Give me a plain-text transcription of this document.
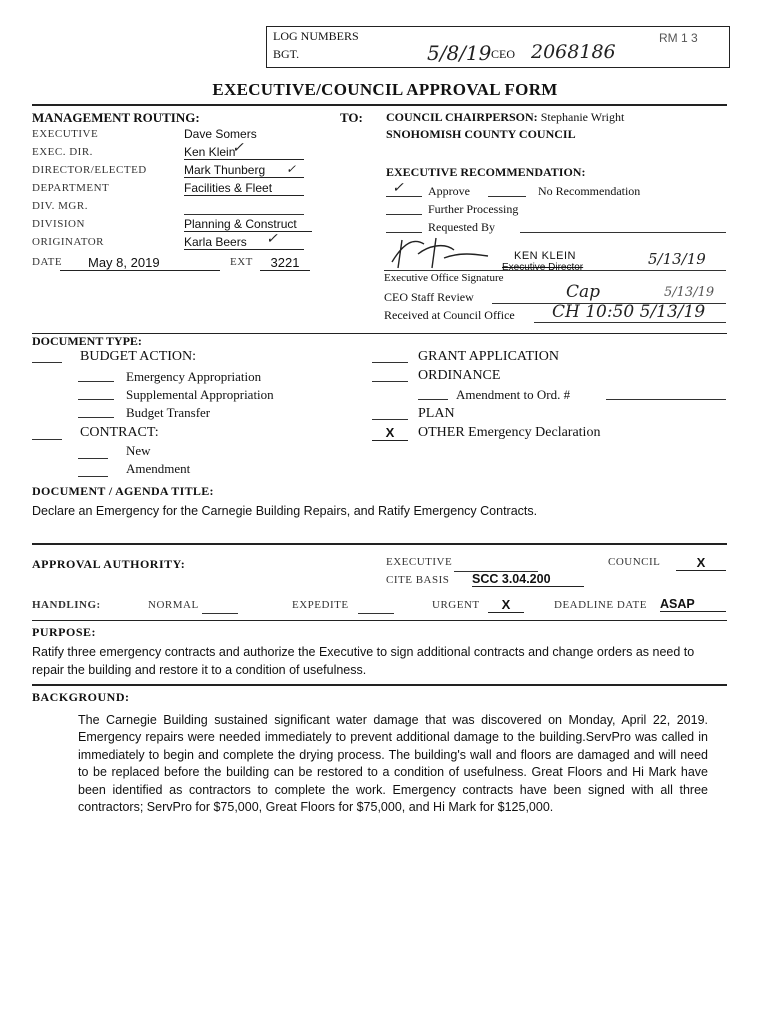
LOG NUMBERS
BGT.	5/8/19 CEO 2068186
RM 1 3
EXECUTIVE/COUNCIL APPROVAL FORM
MANAGEMENT ROUTING:	TO:
EXECUTIVE	Dave Somers
EXEC. DIR.	Ken Klein
✓
DIRECTOR/ELECTED	Mark Thunberg	✓
DEPARTMENT	Facilities & Fleet
DIV. MGR.
DIVISION	Planning & Construct
ORIGINATOR	Karla Beers	✓
DATE	May 8, 2019	EXT	3221
COUNCIL CHAIRPERSON: Stephanie Wright
SNOHOMISH COUNTY COUNCIL
EXECUTIVE RECOMMENDATION:
✓ Approve	No Recommendation
Further Processing
Requested By
KEN KLEIN
Executive Director	5/13/19
Executive Office Signature
CEO Staff Review	Cap	5/13/19
Received at Council Office CH 10:50 5/13/19
DOCUMENT TYPE:
BUDGET ACTION:
Emergency Appropriation
Supplemental Appropriation
Budget Transfer
CONTRACT:
New
Amendment
GRANT APPLICATION
ORDINANCE
Amendment to Ord. #
PLAN
X	OTHER Emergency Declaration
DOCUMENT / AGENDA TITLE:
Declare an Emergency for the Carnegie Building Repairs, and Ratify Emergency Contracts.
APPROVAL AUTHORITY:	EXECUTIVE	COUNCIL	X
CITE BASIS SCC 3.04.200
HANDLING:	NORMAL	EXPEDITE	URGENT	X	DEADLINE DATE ASAP
PURPOSE:
Ratify three emergency contracts and authorize the Executive to sign additional contracts and change orders as need to repair the building and restore it to a condition of usefulness.
BACKGROUND:
The Carnegie Building sustained significant water damage that was discovered on Monday, April 22, 2019. Emergency repairs were needed immediately to prevent additional damage to the building.ServPro was called in immediately to begin and complete the drying process. The building's wall and floors are damaged and will need to be replaced before the building can be restored to a condition of usefulness. Great Floors and Hi Mark have been identified as contractors to complete the work. Emergency contracts have been signed with all three contractors; ServPro for $75,000, Great Floors for $75,000, and Hi Mark for $125,000.
